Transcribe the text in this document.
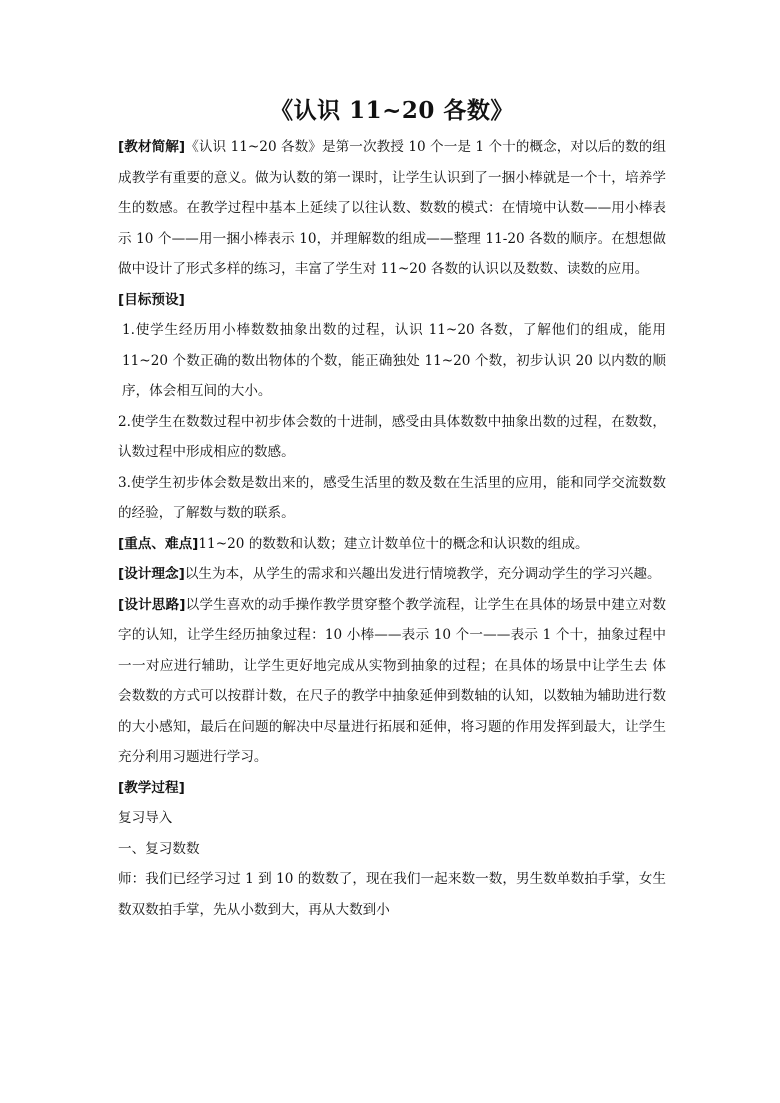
《认识 11~20 各数》

[教材简解]《认识 11~20 各数》是第一次教授 10 个一是 1 个十的概念，对以后的数的组成教学有重要的意义。做为认数的第一课时，让学生认识到了一捆小棒就是一个十，培养学生的数感。在教学过程中基本上延续了以往认数、数数的模式：在情境中认数——用小棒表示 10 个——用一捆小棒表示 10，并理解数的组成——整理 11-20 各数的顺序。在想想做做中设计了形式多样的练习，丰富了学生对 11~20 各数的认识以及数数、读数的应用。

[目标预设]

1.使学生经历用小棒数数抽象出数的过程，认识 11~20 各数，了解他们的组成，能用 11~20 个数正确的数出物体的个数，能正确独处 11~20 个数，初步认识 20 以内数的顺序，体会相互间的大小。

2.使学生在数数过程中初步体会数的十进制，感受由具体数数中抽象出数的过程，在数数，认数过程中形成相应的数感。

3.使学生初步体会数是数出来的，感受生活里的数及数在生活里的应用，能和同学交流数数的经验，了解数与数的联系。

[重点、难点]11~20 的数数和认数；建立计数单位十的概念和认识数的组成。

[设计理念]以生为本，从学生的需求和兴趣出发进行情境教学，充分调动学生的学习兴趣。

[设计思路]以学生喜欢的动手操作教学贯穿整个教学流程，让学生在具体的场景中建立对数字的认知，让学生经历抽象过程：10 小棒——表示 10 个一——表示 1 个十，抽象过程中一一对应进行辅助，让学生更好地完成从实物到抽象的过程；在具体的场景中让学生去 体会数数的方式可以按群计数，在尺子的教学中抽象延伸到数轴的认知，以数轴为辅助进行数的大小感知，最后在问题的解决中尽量进行拓展和延伸，将习题的作用发挥到最大，让学生充分利用习题进行学习。

[教学过程]

复习导入

一、复习数数

师：我们已经学习过 1 到 10 的数数了，现在我们一起来数一数，男生数单数拍手掌，女生数双数拍手掌，先从小数到大，再从大数到小
